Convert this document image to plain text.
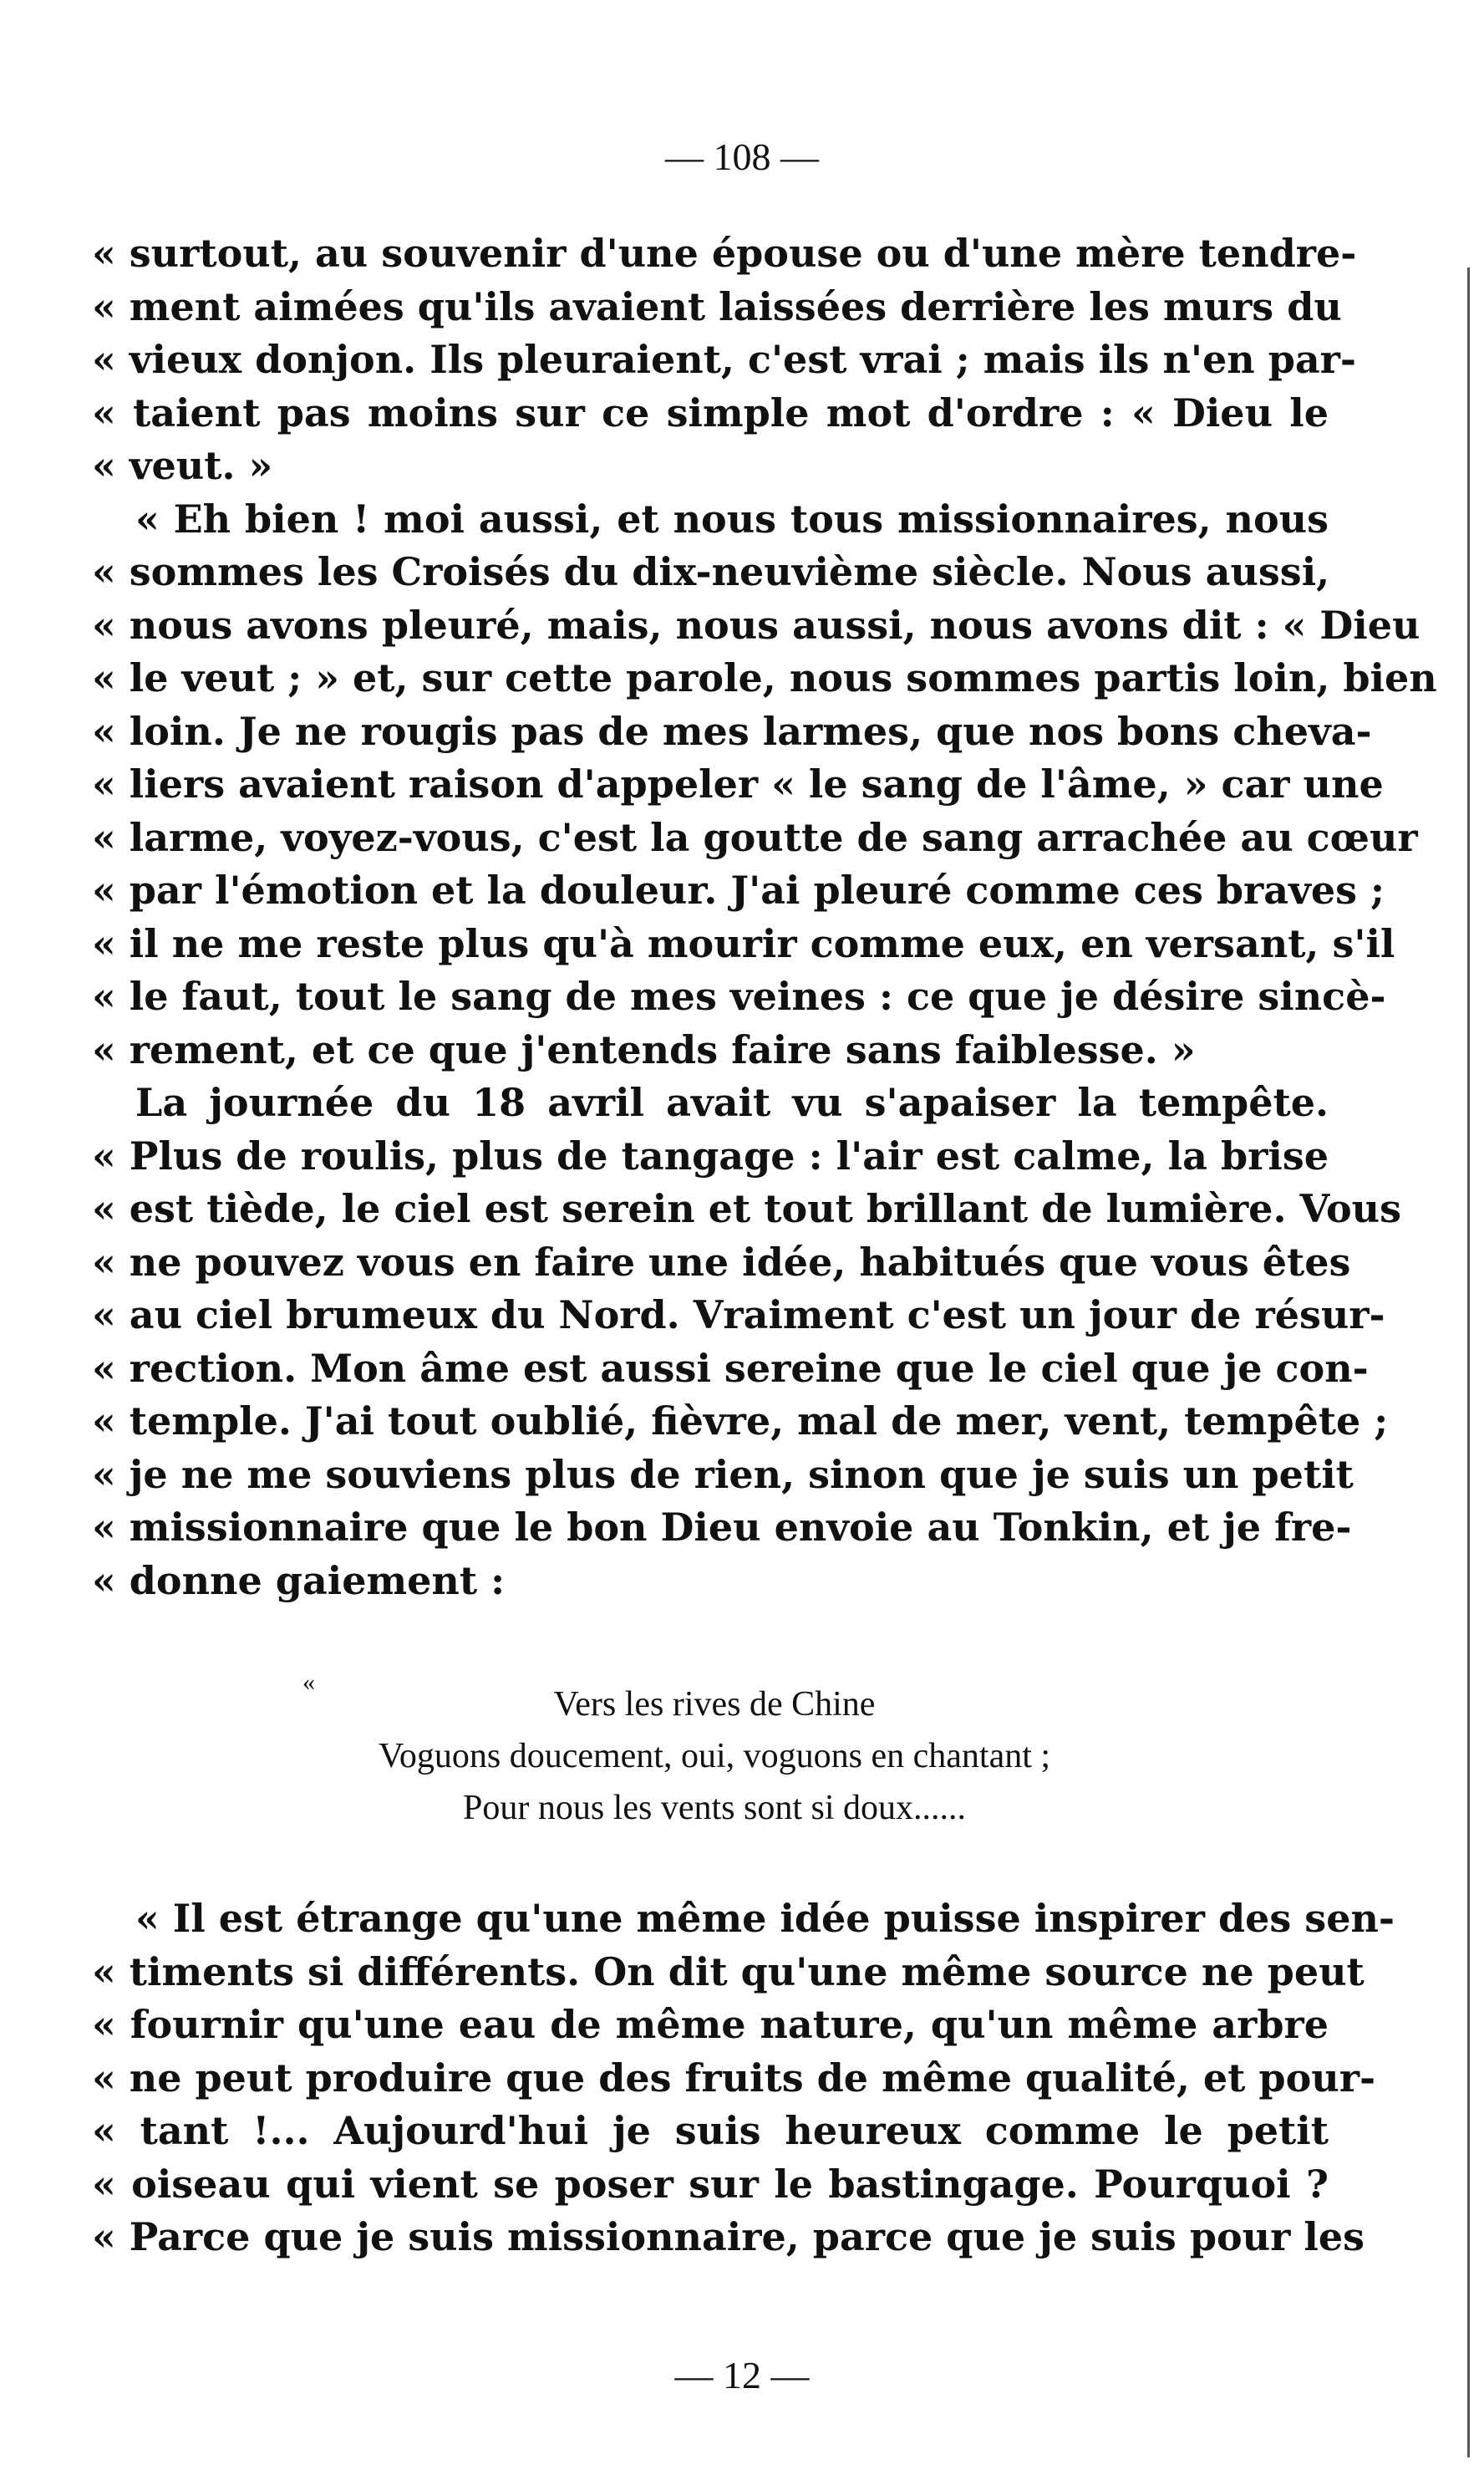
— 108 —
« surtout, au souvenir d'une épouse ou d'une mère tendre-
« ment aimées qu'ils avaient laissées derrière les murs du
« vieux donjon. Ils pleuraient, c'est vrai ; mais ils n'en par-
« taient pas moins sur ce simple mot d'ordre : « Dieu le
« veut. »
« Eh bien ! moi aussi, et nous tous missionnaires, nous
« sommes les Croisés du dix-neuvième siècle. Nous aussi,
« nous avons pleuré, mais, nous aussi, nous avons dit : « Dieu
« le veut ; » et, sur cette parole, nous sommes partis loin, bien
« loin. Je ne rougis pas de mes larmes, que nos bons cheva-
« liers avaient raison d'appeler « le sang de l'âme, » car une
« larme, voyez-vous, c'est la goutte de sang arrachée au cœur
« par l'émotion et la douleur. J'ai pleuré comme ces braves ;
« il ne me reste plus qu'à mourir comme eux, en versant, s'il
« le faut, tout le sang de mes veines : ce que je désire sincè-
« rement, et ce que j'entends faire sans faiblesse. »
La journée du 18 avril avait vu s'apaiser la tempête.
« Plus de roulis, plus de tangage : l'air est calme, la brise
« est tiède, le ciel est serein et tout brillant de lumière. Vous
« ne pouvez vous en faire une idée, habitués que vous êtes
« au ciel brumeux du Nord. Vraiment c'est un jour de résur-
« rection. Mon âme est aussi sereine que le ciel que je con-
« temple. J'ai tout oublié, fièvre, mal de mer, vent, tempête ;
« je ne me souviens plus de rien, sinon que je suis un petit
« missionnaire que le bon Dieu envoie au Tonkin, et je fre-
« donne gaiement :
«
Vers les rives de Chine
Voguons doucement, oui, voguons en chantant ;
Pour nous les vents sont si doux......
« Il est étrange qu'une même idée puisse inspirer des sen-
« timents si différents. On dit qu'une même source ne peut
« fournir qu'une eau de même nature, qu'un même arbre
« ne peut produire que des fruits de même qualité, et pour-
« tant !... Aujourd'hui je suis heureux comme le petit
« oiseau qui vient se poser sur le bastingage. Pourquoi ?
« Parce que je suis missionnaire, parce que je suis pour les
— 12 —
